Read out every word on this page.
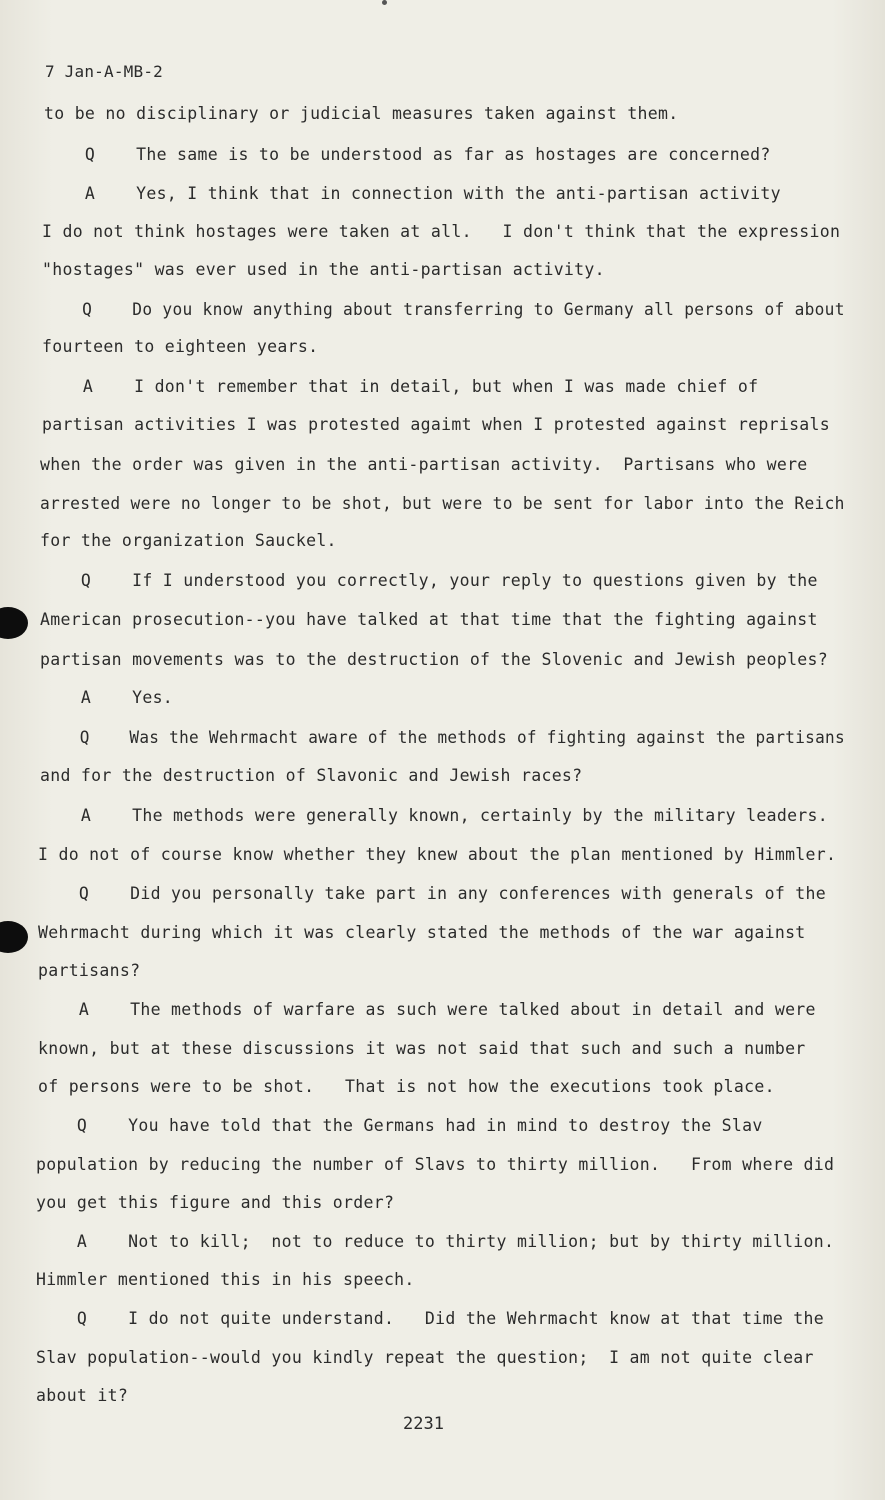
7 Jan-A-MB-2
to be no disciplinary or judicial measures taken against them.
Q    The same is to be understood as far as hostages are concerned?
A    Yes, I think that in connection with the anti-partisan activity
I do not think hostages were taken at all.   I don't think that the expression
"hostages" was ever used in the anti-partisan activity.
Q    Do you know anything about transferring to Germany all persons of about
fourteen to eighteen years.
A    I don't remember that in detail, but when I was made chief of
partisan activities I was protested agaimt when I protested against reprisals
when the order was given in the anti-partisan activity.  Partisans who were
arrested were no longer to be shot, but were to be sent for labor into the Reich
for the organization Sauckel.
Q    If I understood you correctly, your reply to questions given by the
American prosecution--you have talked at that time that the fighting against
partisan movements was to the destruction of the Slovenic and Jewish peoples?
A    Yes.
Q    Was the Wehrmacht aware of the methods of fighting against the partisans
and for the destruction of Slavonic and Jewish races?
A    The methods were generally known, certainly by the military leaders.
I do not of course know whether they knew about the plan mentioned by Himmler.
Q    Did you personally take part in any conferences with generals of the
Wehrmacht during which it was clearly stated the methods of the war against
partisans?
A    The methods of warfare as such were talked about in detail and were
known, but at these discussions it was not said that such and such a number
of persons were to be shot.   That is not how the executions took place.
Q    You have told that the Germans had in mind to destroy the Slav
population by reducing the number of Slavs to thirty million.   From where did
you get this figure and this order?
A    Not to kill;  not to reduce to thirty million; but by thirty million.
Himmler mentioned this in his speech.
Q    I do not quite understand.   Did the Wehrmacht know at that time the
Slav population--would you kindly repeat the question;  I am not quite clear
about it?
2231
